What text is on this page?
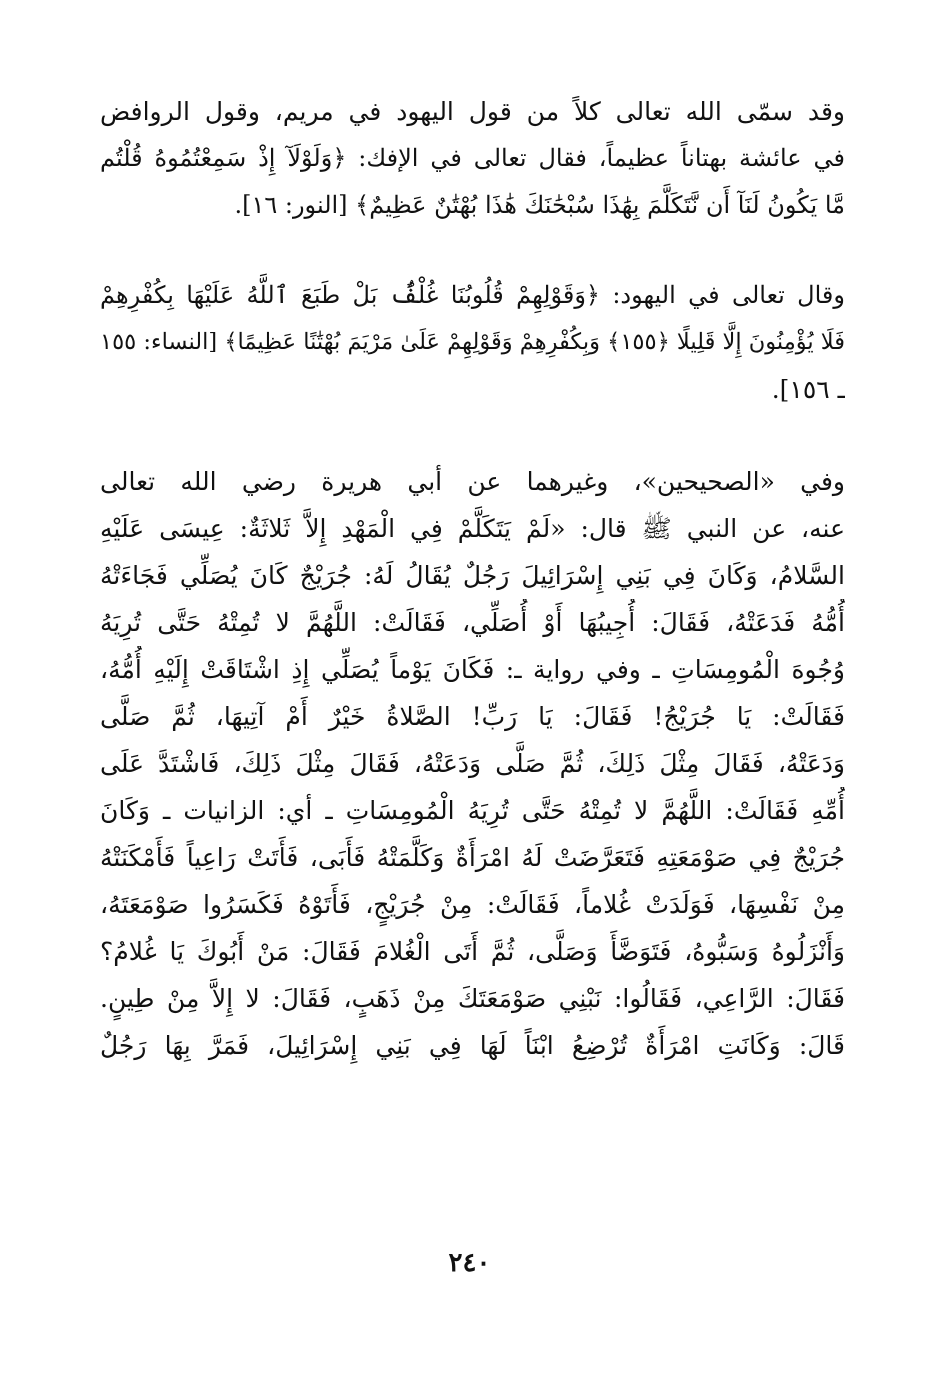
وقد سمّى الله تعالى كلاً من قول اليهود في مريم، وقول الروافض
في عائشة بهتاناً عظيماً، فقال تعالى في الإفك: ﴿وَلَوْلَآ إِذْ سَمِعْتُمُوهُ قُلْتُم
مَّا يَكُونُ لَنَآ أَن نَّتَكَلَّمَ بِهَٰذَا سُبْحَٰنَكَ هَٰذَا بُهْتَٰنٌ عَظِيمٌ﴾ [النور: ١٦].
وقال تعالى في اليهود: ﴿وَقَوْلِهِمْ قُلُوبُنَا غُلْفٌۢ بَلْ طَبَعَ ٱللَّهُ عَلَيْهَا بِكُفْرِهِمْ
فَلَا يُؤْمِنُونَ إِلَّا قَلِيلًا ﴿١٥٥﴾ وَبِكُفْرِهِمْ وَقَوْلِهِمْ عَلَىٰ مَرْيَمَ بُهْتَٰنًا عَظِيمًا﴾ [النساء: ١٥٥
ـ ١٥٦].
وفي «الصحيحين»، وغيرهما عن أبي هريرة رضي الله تعالى
عنه، عن النبي ﷺ قال: «لَمْ يَتَكَلَّمْ فِي الْمَهْدِ إِلاَّ ثَلاثَةٌ: عِيسَى عَلَيْهِ
السَّلامُ، وَكَانَ فِي بَنِي إِسْرَائِيلَ رَجُلٌ يُقَالُ لَهُ: جُرَيْجٌ كَانَ يُصَلِّي فَجَاءَتْهُ
أُمُّهُ فَدَعَتْهُ، فَقَالَ: أُجِيبُهَا أَوْ أُصَلِّي، فَقَالَتْ: اللَّهُمَّ لا تُمِتْهُ حَتَّى تُرِيَهُ
وُجُوهَ الْمُومِسَاتِ ـ وفي رواية ـ: فَكَانَ يَوْماً يُصَلِّي إِذِ اشْتَاقَتْ إِلَيْهِ أُمُّهُ،
فَقَالَتْ: يَا جُرَيْجُ! فَقَالَ: يَا رَبِّ! الصَّلاةُ خَيْرٌ أَمْ آتِيهَا، ثُمَّ صَلَّى
وَدَعَتْهُ، فَقَالَ مِثْلَ ذَلِكَ، ثُمَّ صَلَّى وَدَعَتْهُ، فَقَالَ مِثْلَ ذَلِكَ، فَاشْتَدَّ عَلَى
أُمِّهِ فَقَالَتْ: اللَّهُمَّ لا تُمِتْهُ حَتَّى تُرِيَهُ الْمُومِسَاتِ ـ أي: الزانيات ـ وَكَانَ
جُرَيْجٌ فِي صَوْمَعَتِهِ فَتَعَرَّضَتْ لَهُ امْرَأَةٌ وَكَلَّمَتْهُ فَأَبَى، فَأَتَتْ رَاعِياً فَأَمْكَنَتْهُ
مِنْ نَفْسِهَا، فَوَلَدَتْ غُلاماً، فَقَالَتْ: مِنْ جُرَيْجٍ، فَأَتَوْهُ فَكَسَرُوا صَوْمَعَتَهُ،
وَأَنْزَلُوهُ وَسَبُّوهُ، فَتَوَضَّأَ وَصَلَّى، ثُمَّ أَتَى الْغُلامَ فَقَالَ: مَنْ أَبُوكَ يَا غُلامُ؟
فَقَالَ: الرَّاعِي، فَقَالُوا: نَبْنِي صَوْمَعَتَكَ مِنْ ذَهَبٍ، فَقَالَ: لا إِلاَّ مِنْ طِينٍ.
قَالَ: وَكَانَتِ امْرَأَةٌ تُرْضِعُ ابْنَاً لَهَا فِي بَنِي إِسْرَائِيلَ، فَمَرَّ بِهَا رَجُلٌ
٢٤٠
